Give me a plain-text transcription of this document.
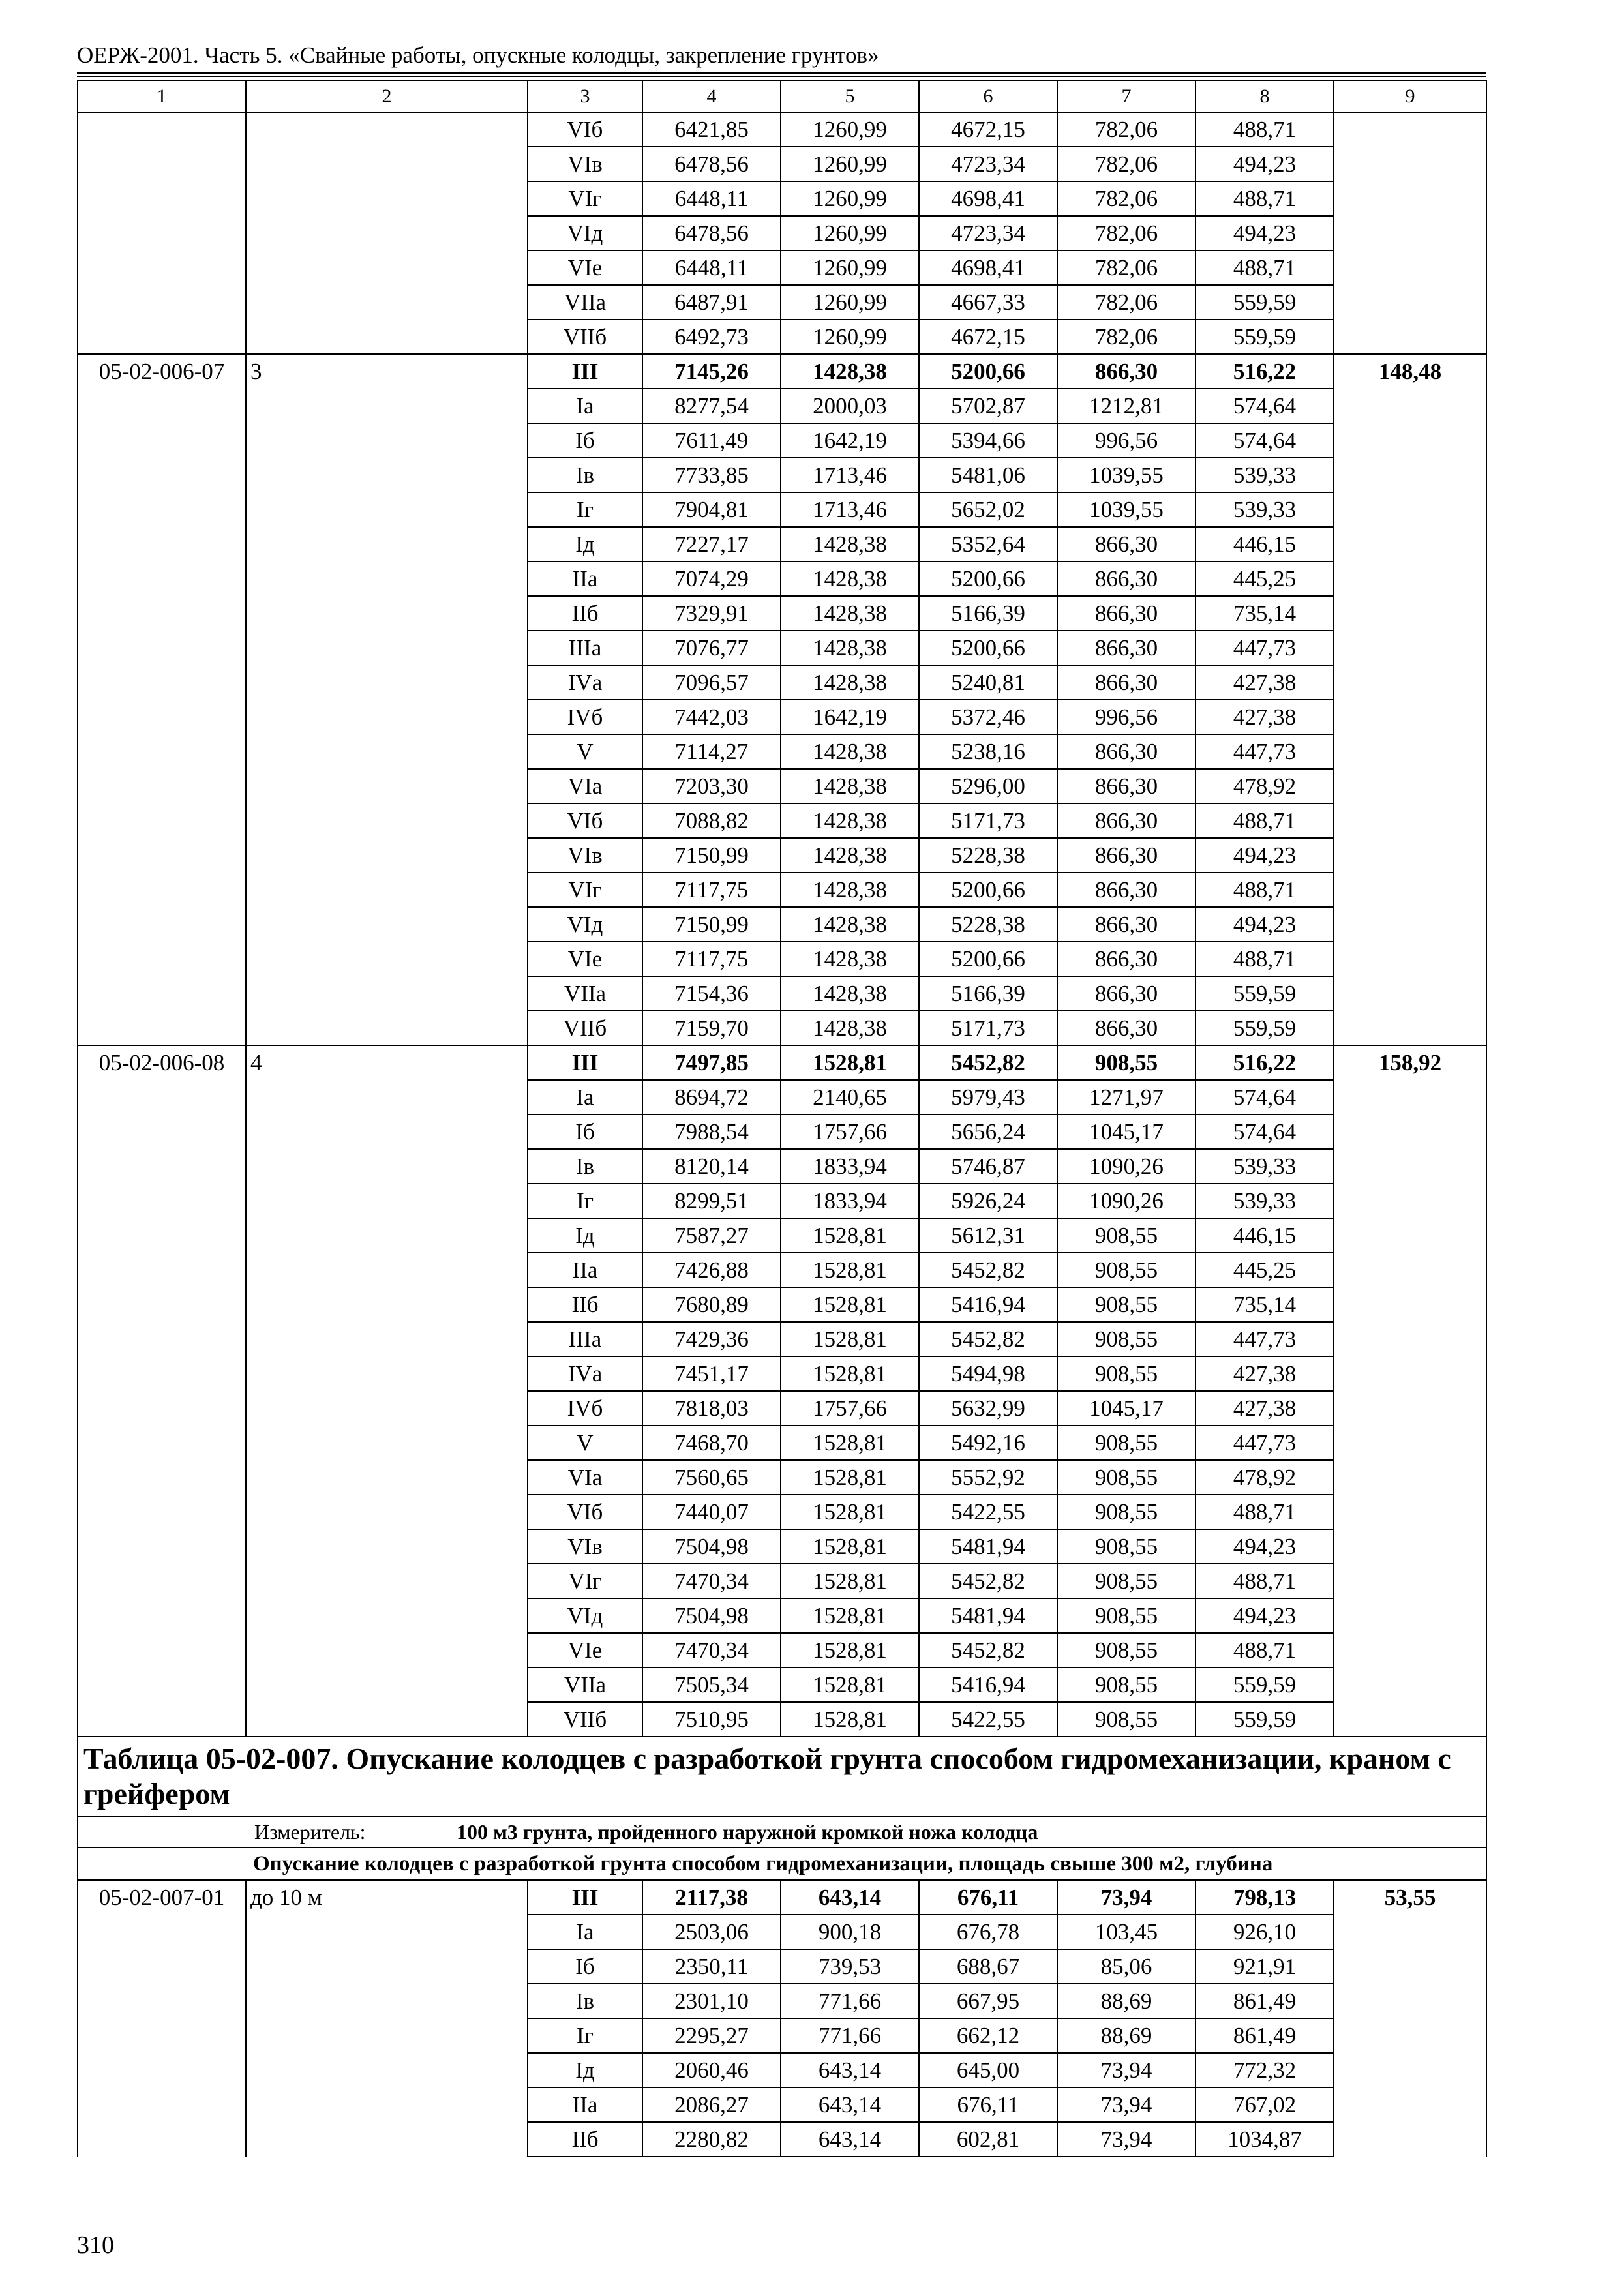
ОЕРЖ-2001. Часть 5. «Свайные работы, опускные колодцы, закрепление грунтов»
1	2	3	4	5	6	7	8	9
		VIб	6421,85	1260,99	4672,15	782,06	488,71	
		VIв	6478,56	1260,99	4723,34	782,06	494,23	
		VIг	6448,11	1260,99	4698,41	782,06	488,71	
		VIд	6478,56	1260,99	4723,34	782,06	494,23	
		VIе	6448,11	1260,99	4698,41	782,06	488,71	
		VIIа	6487,91	1260,99	4667,33	782,06	559,59	
		VIIб	6492,73	1260,99	4672,15	782,06	559,59	
05-02-006-07	3	III	7145,26	1428,38	5200,66	866,30	516,22	148,48
		Iа	8277,54	2000,03	5702,87	1212,81	574,64	
		Iб	7611,49	1642,19	5394,66	996,56	574,64	
		Iв	7733,85	1713,46	5481,06	1039,55	539,33	
		Iг	7904,81	1713,46	5652,02	1039,55	539,33	
		Iд	7227,17	1428,38	5352,64	866,30	446,15	
		IIа	7074,29	1428,38	5200,66	866,30	445,25	
		IIб	7329,91	1428,38	5166,39	866,30	735,14	
		IIIа	7076,77	1428,38	5200,66	866,30	447,73	
		IVа	7096,57	1428,38	5240,81	866,30	427,38	
		IVб	7442,03	1642,19	5372,46	996,56	427,38	
		V	7114,27	1428,38	5238,16	866,30	447,73	
		VIа	7203,30	1428,38	5296,00	866,30	478,92	
		VIб	7088,82	1428,38	5171,73	866,30	488,71	
		VIв	7150,99	1428,38	5228,38	866,30	494,23	
		VIг	7117,75	1428,38	5200,66	866,30	488,71	
		VIд	7150,99	1428,38	5228,38	866,30	494,23	
		VIе	7117,75	1428,38	5200,66	866,30	488,71	
		VIIа	7154,36	1428,38	5166,39	866,30	559,59	
		VIIб	7159,70	1428,38	5171,73	866,30	559,59	
05-02-006-08	4	III	7497,85	1528,81	5452,82	908,55	516,22	158,92
		Iа	8694,72	2140,65	5979,43	1271,97	574,64	
		Iб	7988,54	1757,66	5656,24	1045,17	574,64	
		Iв	8120,14	1833,94	5746,87	1090,26	539,33	
		Iг	8299,51	1833,94	5926,24	1090,26	539,33	
		Iд	7587,27	1528,81	5612,31	908,55	446,15	
		IIа	7426,88	1528,81	5452,82	908,55	445,25	
		IIб	7680,89	1528,81	5416,94	908,55	735,14	
		IIIа	7429,36	1528,81	5452,82	908,55	447,73	
		IVа	7451,17	1528,81	5494,98	908,55	427,38	
		IVб	7818,03	1757,66	5632,99	1045,17	427,38	
		V	7468,70	1528,81	5492,16	908,55	447,73	
		VIа	7560,65	1528,81	5552,92	908,55	478,92	
		VIб	7440,07	1528,81	5422,55	908,55	488,71	
		VIв	7504,98	1528,81	5481,94	908,55	494,23	
		VIг	7470,34	1528,81	5452,82	908,55	488,71	
		VIд	7504,98	1528,81	5481,94	908,55	494,23	
		VIе	7470,34	1528,81	5452,82	908,55	488,71	
		VIIа	7505,34	1528,81	5416,94	908,55	559,59	
		VIIб	7510,95	1528,81	5422,55	908,55	559,59	
Таблица 05-02-007. Опускание колодцев с разработкой грунта способом гидромеханизации, краном с грейфером								
Измеритель: 100 м3 грунта, пройденного наружной кромкой ножа колодца								
Опускание колодцев с разработкой грунта способом гидромеханизации, площадь свыше 300 м2, глубина								
05-02-007-01	до 10 м	III	2117,38	643,14	676,11	73,94	798,13	53,55
		Iа	2503,06	900,18	676,78	103,45	926,10	
		Iб	2350,11	739,53	688,67	85,06	921,91	
		Iв	2301,10	771,66	667,95	88,69	861,49	
		Iг	2295,27	771,66	662,12	88,69	861,49	
		Iд	2060,46	643,14	645,00	73,94	772,32	
		IIа	2086,27	643,14	676,11	73,94	767,02	
		IIб	2280,82	643,14	602,81	73,94	1034,87	
310
